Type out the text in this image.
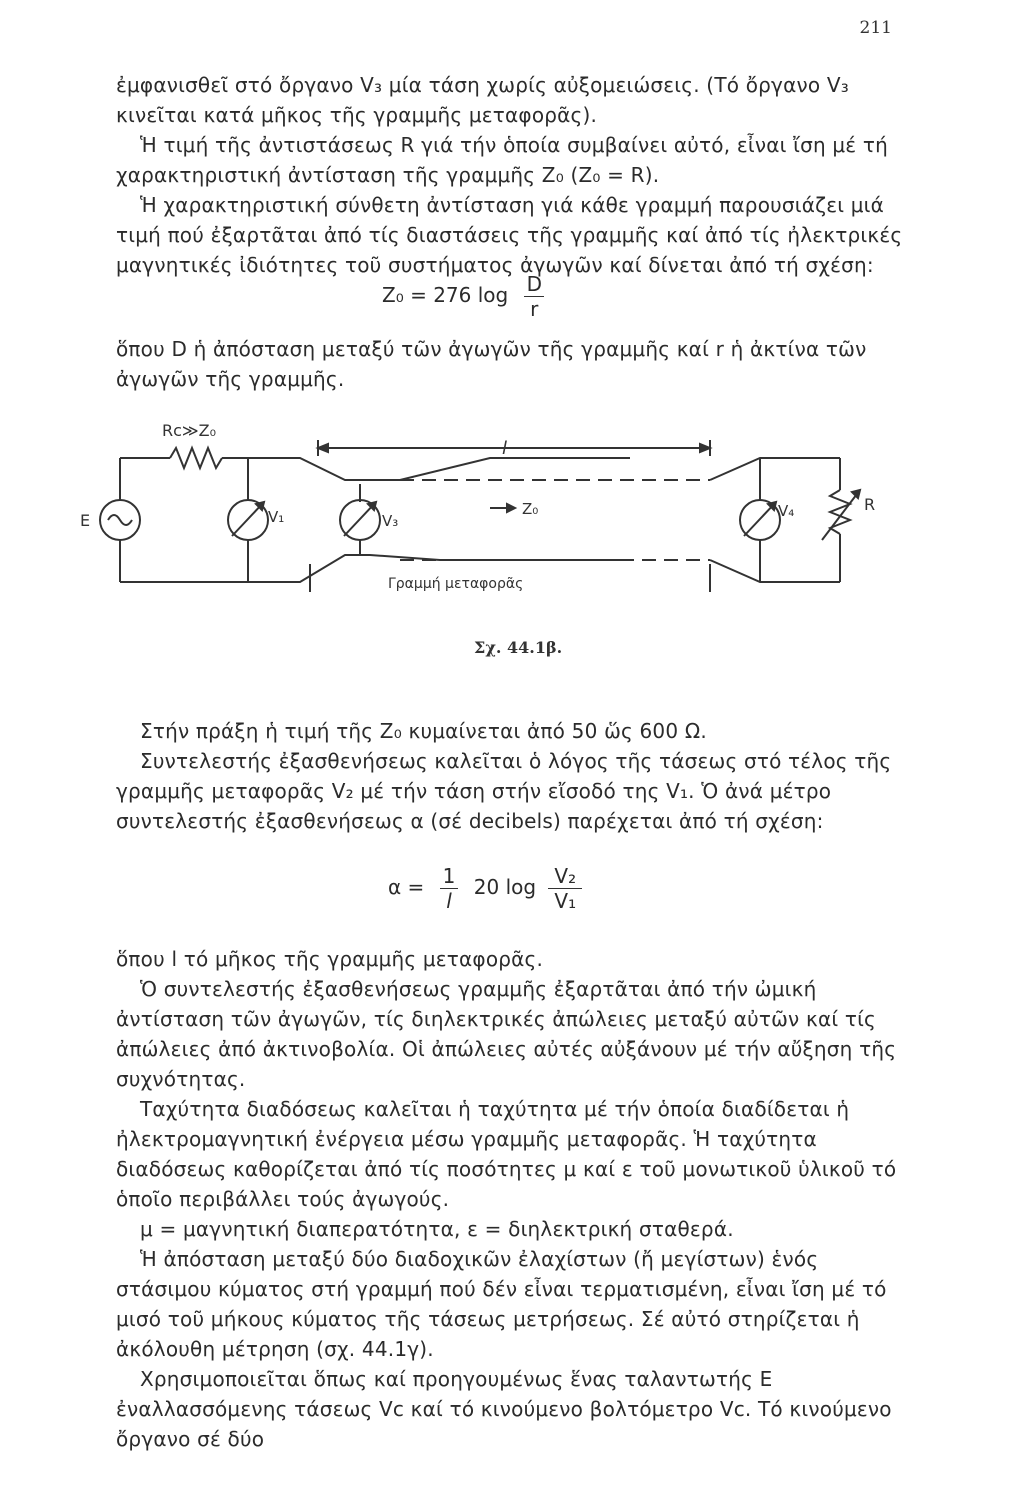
211

ἐμφανισθεῖ στό ὄργανο V₃ μία τάση χωρίς αὐξομειώσεις. (Τό ὄργανο V₃ κινεῖται κατά μῆκος τῆς γραμμῆς μεταφορᾶς).

Ἡ τιμή τῆς ἀντιστάσεως R γιά τήν ὁποία συμβαίνει αὐτό, εἶναι ἴση μέ τή χαρακτηριστική ἀντίσταση τῆς γραμμῆς Z₀ (Z₀ = R).

Ἡ χαρακτηριστική σύνθετη ἀντίσταση γιά κάθε γραμμή παρουσιάζει μιά τιμή πού ἐξαρτᾶται ἀπό τίς διαστάσεις τῆς γραμμῆς καί ἀπό τίς ἠλεκτρικές μαγνητικές ἰδιότητες τοῦ συστήματος ἀγωγῶν καί δίνεται ἀπό τή σχέση:

Z₀ = 276 $\log \frac{D}{r}$

ὅπου D ἡ ἀπόσταση μεταξύ τῶν ἀγωγῶν τῆς γραμμῆς καί r ἡ ἀκτίνα τῶν ἀγωγῶν τῆς γραμμῆς.

Rc≫Z₀
l
E	V₁	V₃
Z₀	V₄	R
Γραμμή μεταφορᾶς
Σχ. 44.1β.

Στήν πράξη ἡ τιμή τῆς Z₀ κυμαίνεται ἀπό 50 ὥς 600 Ω.

Συντελεστής ἐξασθενήσεως καλεῖται ὁ λόγος τῆς τάσεως στό τέλος τῆς γραμμῆς μεταφορᾶς V₂ μέ τήν τάση στήν εἴσοδό της V₁. Ὁ ἀνά μέτρο συντελεστής ἐξασθενήσεως α (σέ decibels) παρέχεται ἀπό τή σχέση:

$\alpha = \frac{1}{l} 20$ $\log \frac{\text{V₂}}{\text{V₁}}$

ὅπου l τό μῆκος τῆς γραμμῆς μεταφορᾶς.

Ὁ συντελεστής ἐξασθενήσεως γραμμῆς ἐξαρτᾶται ἀπό τήν ὠμική ἀντίσταση τῶν ἀγωγῶν, τίς διηλεκτρικές ἀπώλειες μεταξύ αὐτῶν καί τίς ἀπώλειες ἀπό ἀκτινοβολία. Οἱ ἀπώλειες αὐτές αὐξάνουν μέ τήν αὔξηση τῆς συχνότητας.

Ταχύτητα διαδόσεως καλεῖται ἡ ταχύτητα μέ τήν ὁποία διαδίδεται ἡ ἠλεκτρομαγνητική ἐνέργεια μέσω γραμμῆς μεταφορᾶς. Ἡ ταχύτητα διαδόσεως καθορίζεται ἀπό τίς ποσότητες μ καί ε τοῦ μονωτικοῦ ὑλικοῦ τό ὁποῖο περιβάλλει τούς ἀγωγούς.

μ = μαγνητική διαπερατότητα, ε = διηλεκτρική σταθερά.

Ἡ ἀπόσταση μεταξύ δύο διαδοχικῶν ἐλαχίστων (ἤ μεγίστων) ἑνός στάσιμου κύματος στή γραμμή πού δέν εἶναι τερματισμένη, εἶναι ἴση μέ τό μισό τοῦ μήκους κύματος τῆς τάσεως μετρήσεως. Σέ αὐτό στηρίζεται ἡ ἀκόλουθη μέτρηση (σχ. 44.1γ).

Χρησιμοποιεῖται ὅπως καί προηγουμένως ἕνας ταλαντωτής E ἐναλλασσόμενης τάσεως Vc καί τό κινούμενο βολτόμετρο Vc. Τό κινούμενο ὄργανο σέ δύο
